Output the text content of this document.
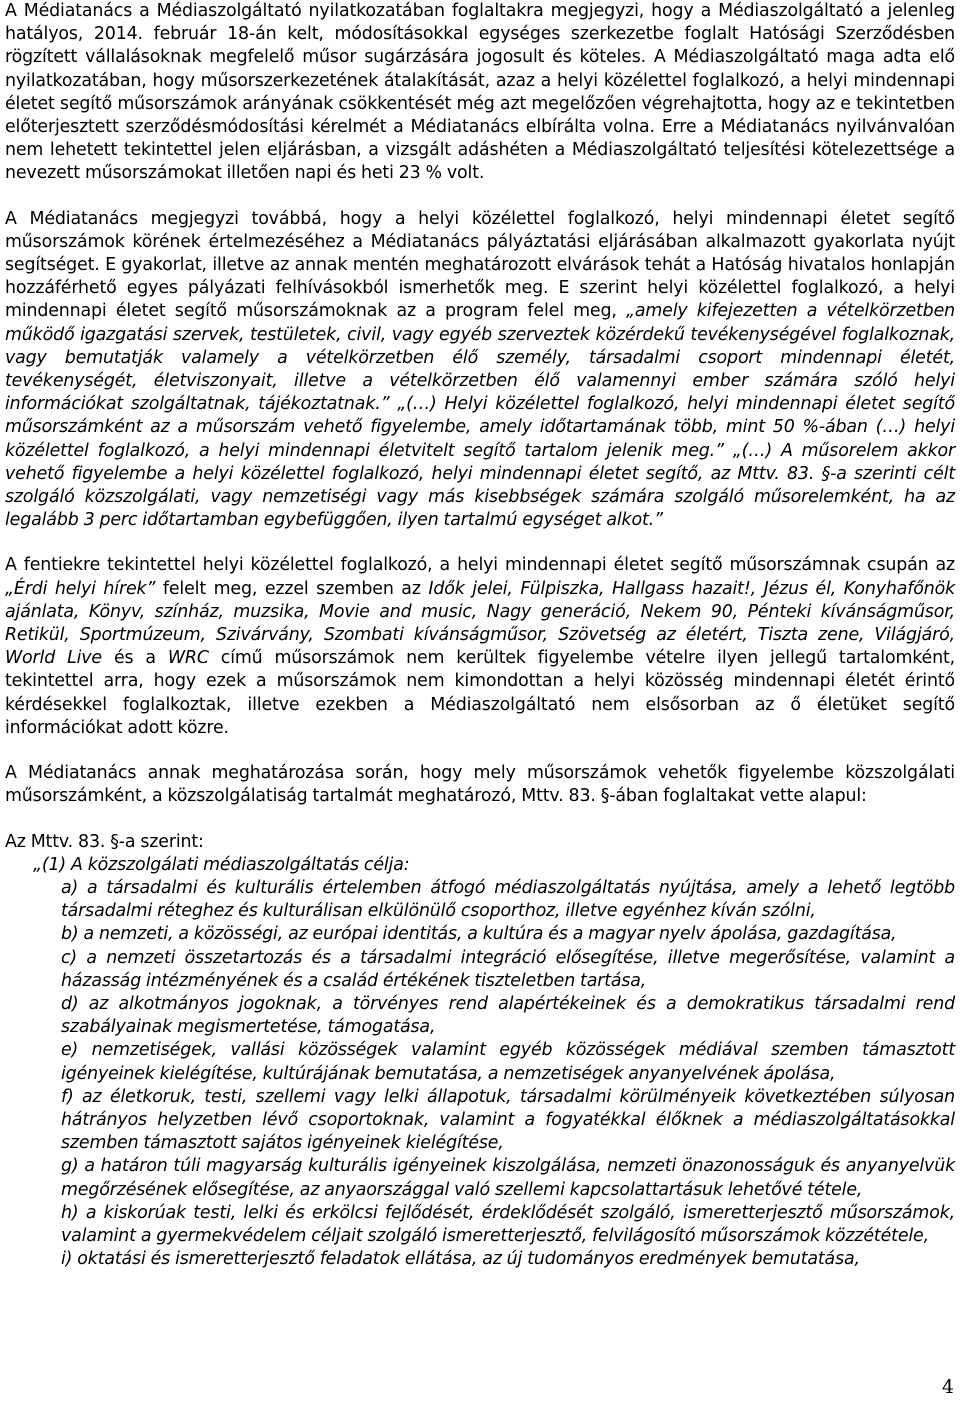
A Médiatanács a Médiaszolgáltató nyilatkozatában foglaltakra megjegyzi, hogy a Médiaszolgáltató a jelenleg hatályos, 2014. február 18-án kelt, módosításokkal egységes szerkezetbe foglalt Hatósági Szerződésben rögzített vállalásoknak megfelelő műsor sugárzására jogosult és köteles. A Médiaszolgáltató maga adta elő nyilatkozatában, hogy műsorszerkezetének átalakítását, azaz a helyi közélettel foglalkozó, a helyi mindennapi életet segítő műsorszámok arányának csökkentését még azt megelőzően végrehajtotta, hogy az e tekintetben előterjesztett szerződésmódosítási kérelmét a Médiatanács elbírálta volna. Erre a Médiatanács nyilvánvalóan nem lehetett tekintettel jelen eljárásban, a vizsgált adáshéten a Médiaszolgáltató teljesítési kötelezettsége a nevezett műsorszámokat illetően napi és heti 23 % volt.

A Médiatanács megjegyzi továbbá, hogy a helyi közélettel foglalkozó, helyi mindennapi életet segítő műsorszámok körének értelmezéséhez a Médiatanács pályáztatási eljárásában alkalmazott gyakorlata nyújt segítséget. E gyakorlat, illetve az annak mentén meghatározott elvárások tehát a Hatóság hivatalos honlapján hozzáférhető egyes pályázati felhívásokból ismerhetők meg. E szerint helyi közélettel foglalkozó, a helyi mindennapi életet segítő műsorszámoknak az a program felel meg, „amely kifejezetten a vételkörzetben működő igazgatási szervek, testületek, civil, vagy egyéb szerveztek közérdekű tevékenységével foglalkoznak, vagy bemutatják valamely a vételkörzetben élő személy, társadalmi csoport mindennapi életét, tevékenységét, életviszonyait, illetve a vételkörzetben élő valamennyi ember számára szóló helyi információkat szolgáltatnak, tájékoztatnak.” „(…) Helyi közélettel foglalkozó, helyi mindennapi életet segítő műsorszámként az a műsorszám vehető figyelembe, amely időtartamának több, mint 50 %-ában (…) helyi közélettel foglalkozó, a helyi mindennapi életvitelt segítő tartalom jelenik meg.” „(…) A műsorelem akkor vehető figyelembe a helyi közélettel foglalkozó, helyi mindennapi életet segítő, az Mttv. 83. §-a szerinti célt szolgáló közszolgálati, vagy nemzetiségi vagy más kisebbségek számára szolgáló műsorelemként, ha az legalább 3 perc időtartamban egybefüggően, ilyen tartalmú egységet alkot.”

A fentiekre tekintettel helyi közélettel foglalkozó, a helyi mindennapi életet segítő műsorszámnak csupán az „Érdi helyi hírek” felelt meg, ezzel szemben az Idők jelei, Fülpiszka, Hallgass hazait!, Jézus él, Konyhafőnök ajánlata, Könyv, színház, muzsika, Movie and music, Nagy generáció, Nekem 90, Pénteki kívánságműsor, Retikül, Sportmúzeum, Szivárvány, Szombati kívánságműsor, Szövetség az életért, Tiszta zene, Világjáró, World Live és a WRC című műsorszámok nem kerültek figyelembe vételre ilyen jellegű tartalomként, tekintettel arra, hogy ezek a műsorszámok nem kimondottan a helyi közösség mindennapi életét érintő kérdésekkel foglalkoztak, illetve ezekben a Médiaszolgáltató nem elsősorban az ő életüket segítő információkat adott közre.

A Médiatanács annak meghatározása során, hogy mely műsorszámok vehetők figyelembe közszolgálati műsorszámként, a közszolgálatiság tartalmát meghatározó, Mttv. 83. §-ában foglaltakat vette alapul:

Az Mttv. 83. §-a szerint:

„(1) A közszolgálati médiaszolgáltatás célja:

a) a társadalmi és kulturális értelemben átfogó médiaszolgáltatás nyújtása, amely a lehető legtöbb társadalmi réteghez és kulturálisan elkülönülő csoporthoz, illetve egyénhez kíván szólni,

b) a nemzeti, a közösségi, az európai identitás, a kultúra és a magyar nyelv ápolása, gazdagítása,

c) a nemzeti összetartozás és a társadalmi integráció elősegítése, illetve megerősítése, valamint a házasság intézményének és a család értékének tiszteletben tartása,

d) az alkotmányos jogoknak, a törvényes rend alapértékeinek és a demokratikus társadalmi rend szabályainak megismertetése, támogatása,

e) nemzetiségek, vallási közösségek valamint egyéb közösségek médiával szemben támasztott igényeinek kielégítése, kultúrájának bemutatása, a nemzetiségek anyanyelvének ápolása,

f) az életkoruk, testi, szellemi vagy lelki állapotuk, társadalmi körülményeik következtében súlyosan hátrányos helyzetben lévő csoportoknak, valamint a fogyatékkal élőknek a médiaszolgáltatásokkal szemben támasztott sajátos igényeinek kielégítése,

g) a határon túli magyarság kulturális igényeinek kiszolgálása, nemzeti önazonosságuk és anyanyelvük megőrzésének elősegítése, az anyaországgal való szellemi kapcsolattartásuk lehetővé tétele,

h) a kiskorúak testi, lelki és erkölcsi fejlődését, érdeklődését szolgáló, ismeretterjesztő műsorszámok, valamint a gyermekvédelem céljait szolgáló ismeretterjesztő, felvilágosító műsorszámok közzététele,

i) oktatási és ismeretterjesztő feladatok ellátása, az új tudományos eredmények bemutatása,

4
